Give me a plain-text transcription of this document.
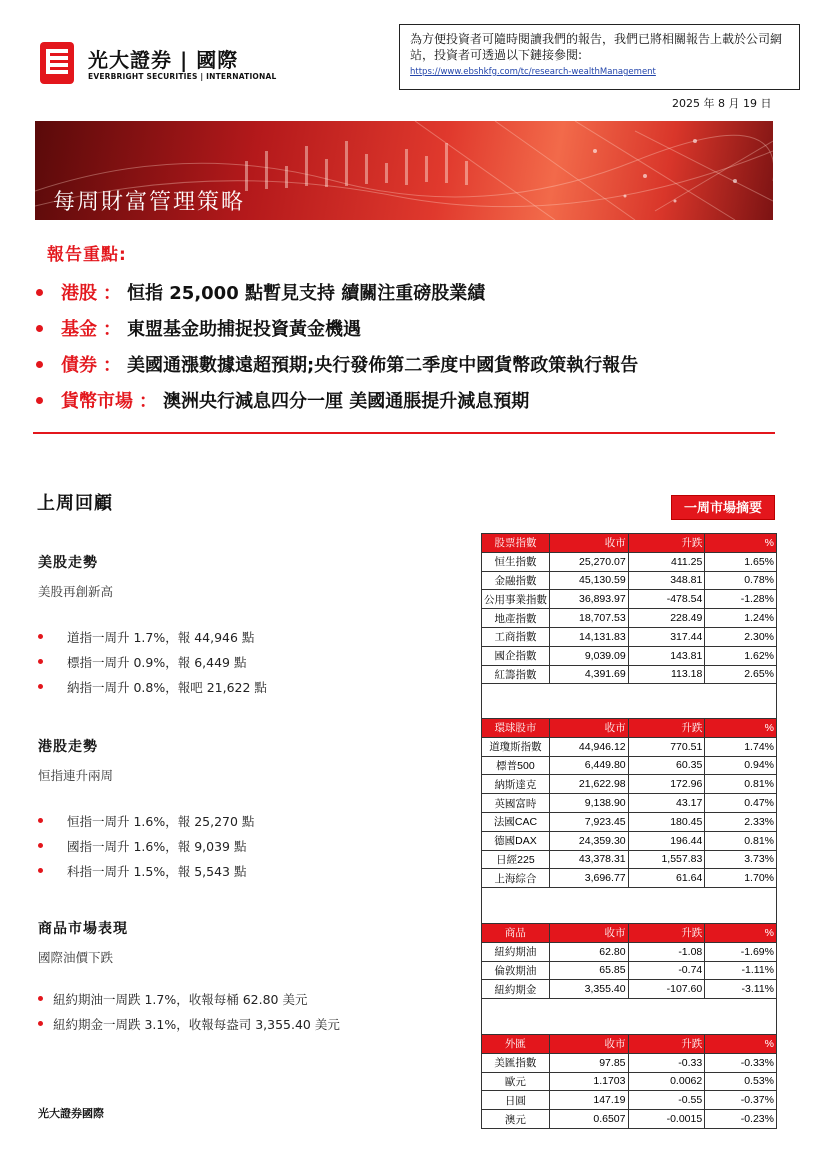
光大證券 | 國際
EVERBRIGHT SECURITIES | INTERNATIONAL
為方便投資者可隨時閱讀我們的報告，我們已將相關報告上載於公司網站，投資者可透過以下鏈接參閱:
https://www.ebshkfg.com/tc/research-wealthManagement
2025 年 8 月 19 日
每周財富管理策略
報告重點:
港股 ： 恒指 25,000 點暫見支持 續關注重磅股業績
基金 ： 東盟基金助捕捉投資黃金機遇
債券 ： 美國通漲數據遠超預期;央行發佈第二季度中國貨幣政策執行報告
貨幣市場 ： 澳洲央行減息四分一厘 美國通脹提升減息預期
上周回顧	一周市場摘要
美股走勢
美股再創新高
道指一周升 1.7%，報 44,946 點
標指一周升 0.9%，報 6,449 點
納指一周升 0.8%，報吧 21,622 點
港股走勢
恒指連升兩周
恒指一周升 1.6%，報 25,270 點
國指一周升 1.6%，報 9,039 點
科指一周升 1.5%，報 5,543 點
商品市場表現
國際油價下跌
紐約期油一周跌 1.7%，收報每桶 62.80 美元
紐約期金一周跌 3.1%，收報每盎司 3,355.40 美元
光大證券國際
股票指數	收市	升跌	%
恒生指數	25,270.07	411.25	1.65%
金融指數	45,130.59	348.81	0.78%
公用事業指數	36,893.97	-478.54	-1.28%
地產指數	18,707.53	228.49	1.24%
工商指數	14,131.83	317.44	2.30%
國企指數	9,039.09	143.81	1.62%
紅籌指數	4,391.69	113.18	2.65%
環球股市	收市	升跌	%
道瓊斯指數	44,946.12	770.51	1.74%
標普500	6,449.80	60.35	0.94%
納斯達克	21,622.98	172.96	0.81%
英國富時	9,138.90	43.17	0.47%
法國CAC	7,923.45	180.45	2.33%
德國DAX	24,359.30	196.44	0.81%
日經225	43,378.31	1,557.83	3.73%
上海綜合	3,696.77	61.64	1.70%
商品	收市	升跌	%
紐約期油	62.80	-1.08	-1.69%
倫敦期油	65.85	-0.74	-1.11%
紐約期金	3,355.40	-107.60	-3.11%
外匯	收市	升跌	%
美匯指數	97.85	-0.33	-0.33%
歐元	1.1703	0.0062	0.53%
日圓	147.19	-0.55	-0.37%
澳元	0.6507	-0.0015	-0.23%
